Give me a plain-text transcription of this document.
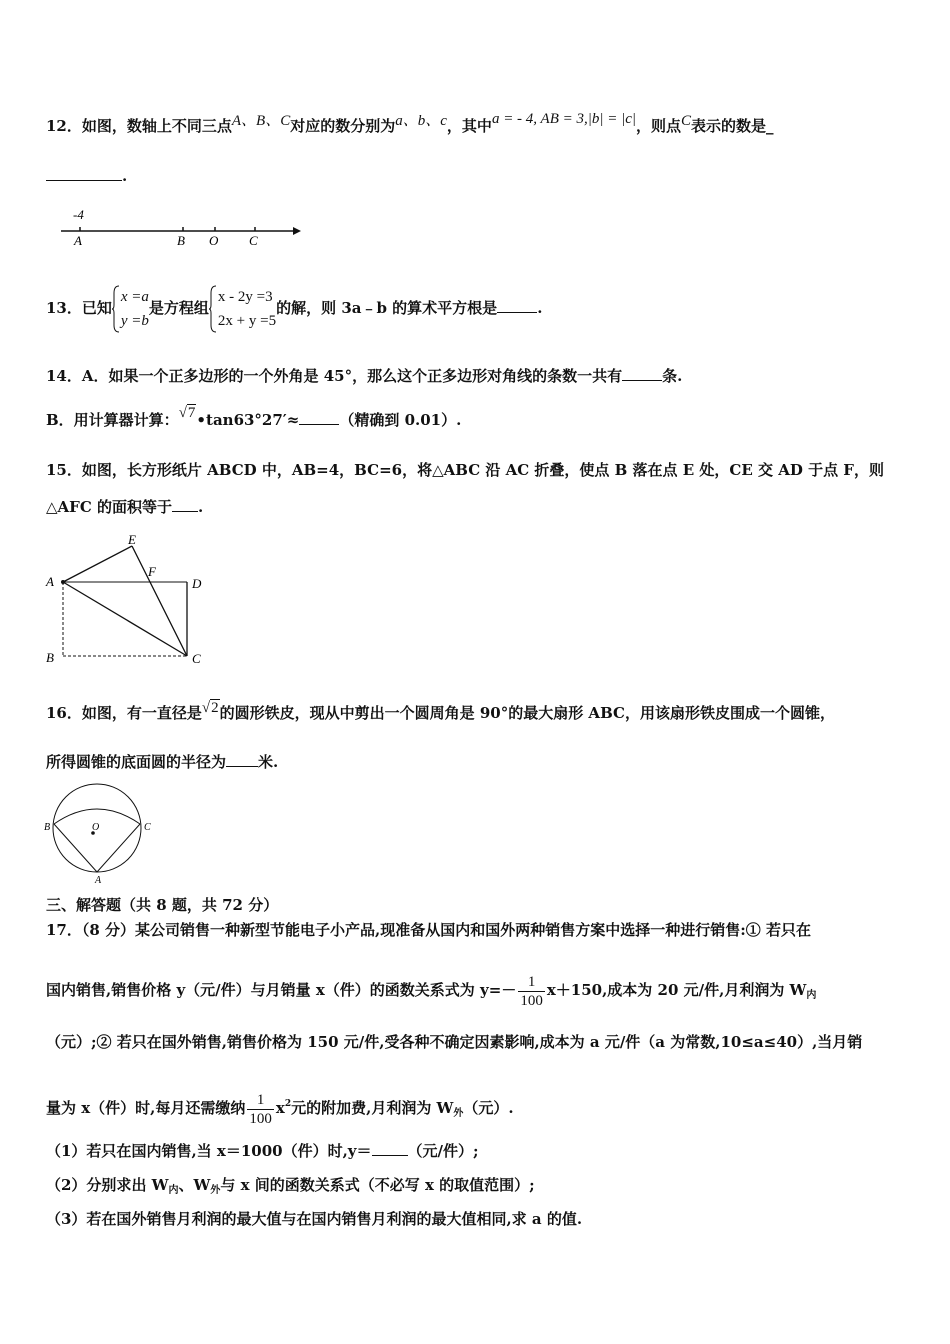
12．如图，数轴上不同三点A、B、C对应的数分别为a、b、c，其中a = - 4, AB = 3,|b| = |c|，则点C表示的数是_
.
-4
A	B O C
13．已知
x =a
y =b
是方程组
x - 2y =3
2x + y =5
的解，则 3a﹣b 的算术平方根是	.
14．A．如果一个正多边形的一个外角是 45°，那么这个正多边形对角线的条数一共有	条.
B．用计算器计算：√7•tan63°27′≈	（精确到 0.01）.
15．如图，长方形纸片 ABCD 中，AB=4，BC=6，将△ABC 沿 AC 折叠，使点 B 落在点 E 处，CE 交 AD 于点 F，则
△AFC 的面积等于 .
A
B	C
D
E
F
16．如图，有一直径是√2的圆形铁皮，现从中剪出一个圆周角是 90°的最大扇形 ABC，用该扇形铁皮围成一个圆锥，
所得圆锥的底面圆的半径为 米.
B	C
A
O
三、解答题（共 8 题，共 72 分）
17．（8 分）某公司销售一种新型节能电子小产品,现准备从国内和国外两种销售方案中选择一种进行销售:① 若只在
国内销售,销售价格 y（元/件）与月销量 x（件）的函数关系式为 $y=- \frac{1}{100} x+150$,成本为 20 元/件,月利润为 $W_内$
（元）;② 若只在国外销售,销售价格为 150 元/件,受各种不确定因素影响,成本为 a 元/件（a 为常数,10≤a≤40）,当月销
量为 x（件）时,每月还需缴纳 $\frac{1}{100} x^2$元的附加费,月利润为 $W_外$（元）.
（1）若只在国内销售,当 x＝1000（件）时,y＝ （元/件）;
（2）分别求出 $W_内$、$W_外$与 x 间的函数关系式（不必写 x 的取值范围）;
（3）若在国外销售月利润的最大值与在国内销售月利润的最大值相同,求 a 的值.
